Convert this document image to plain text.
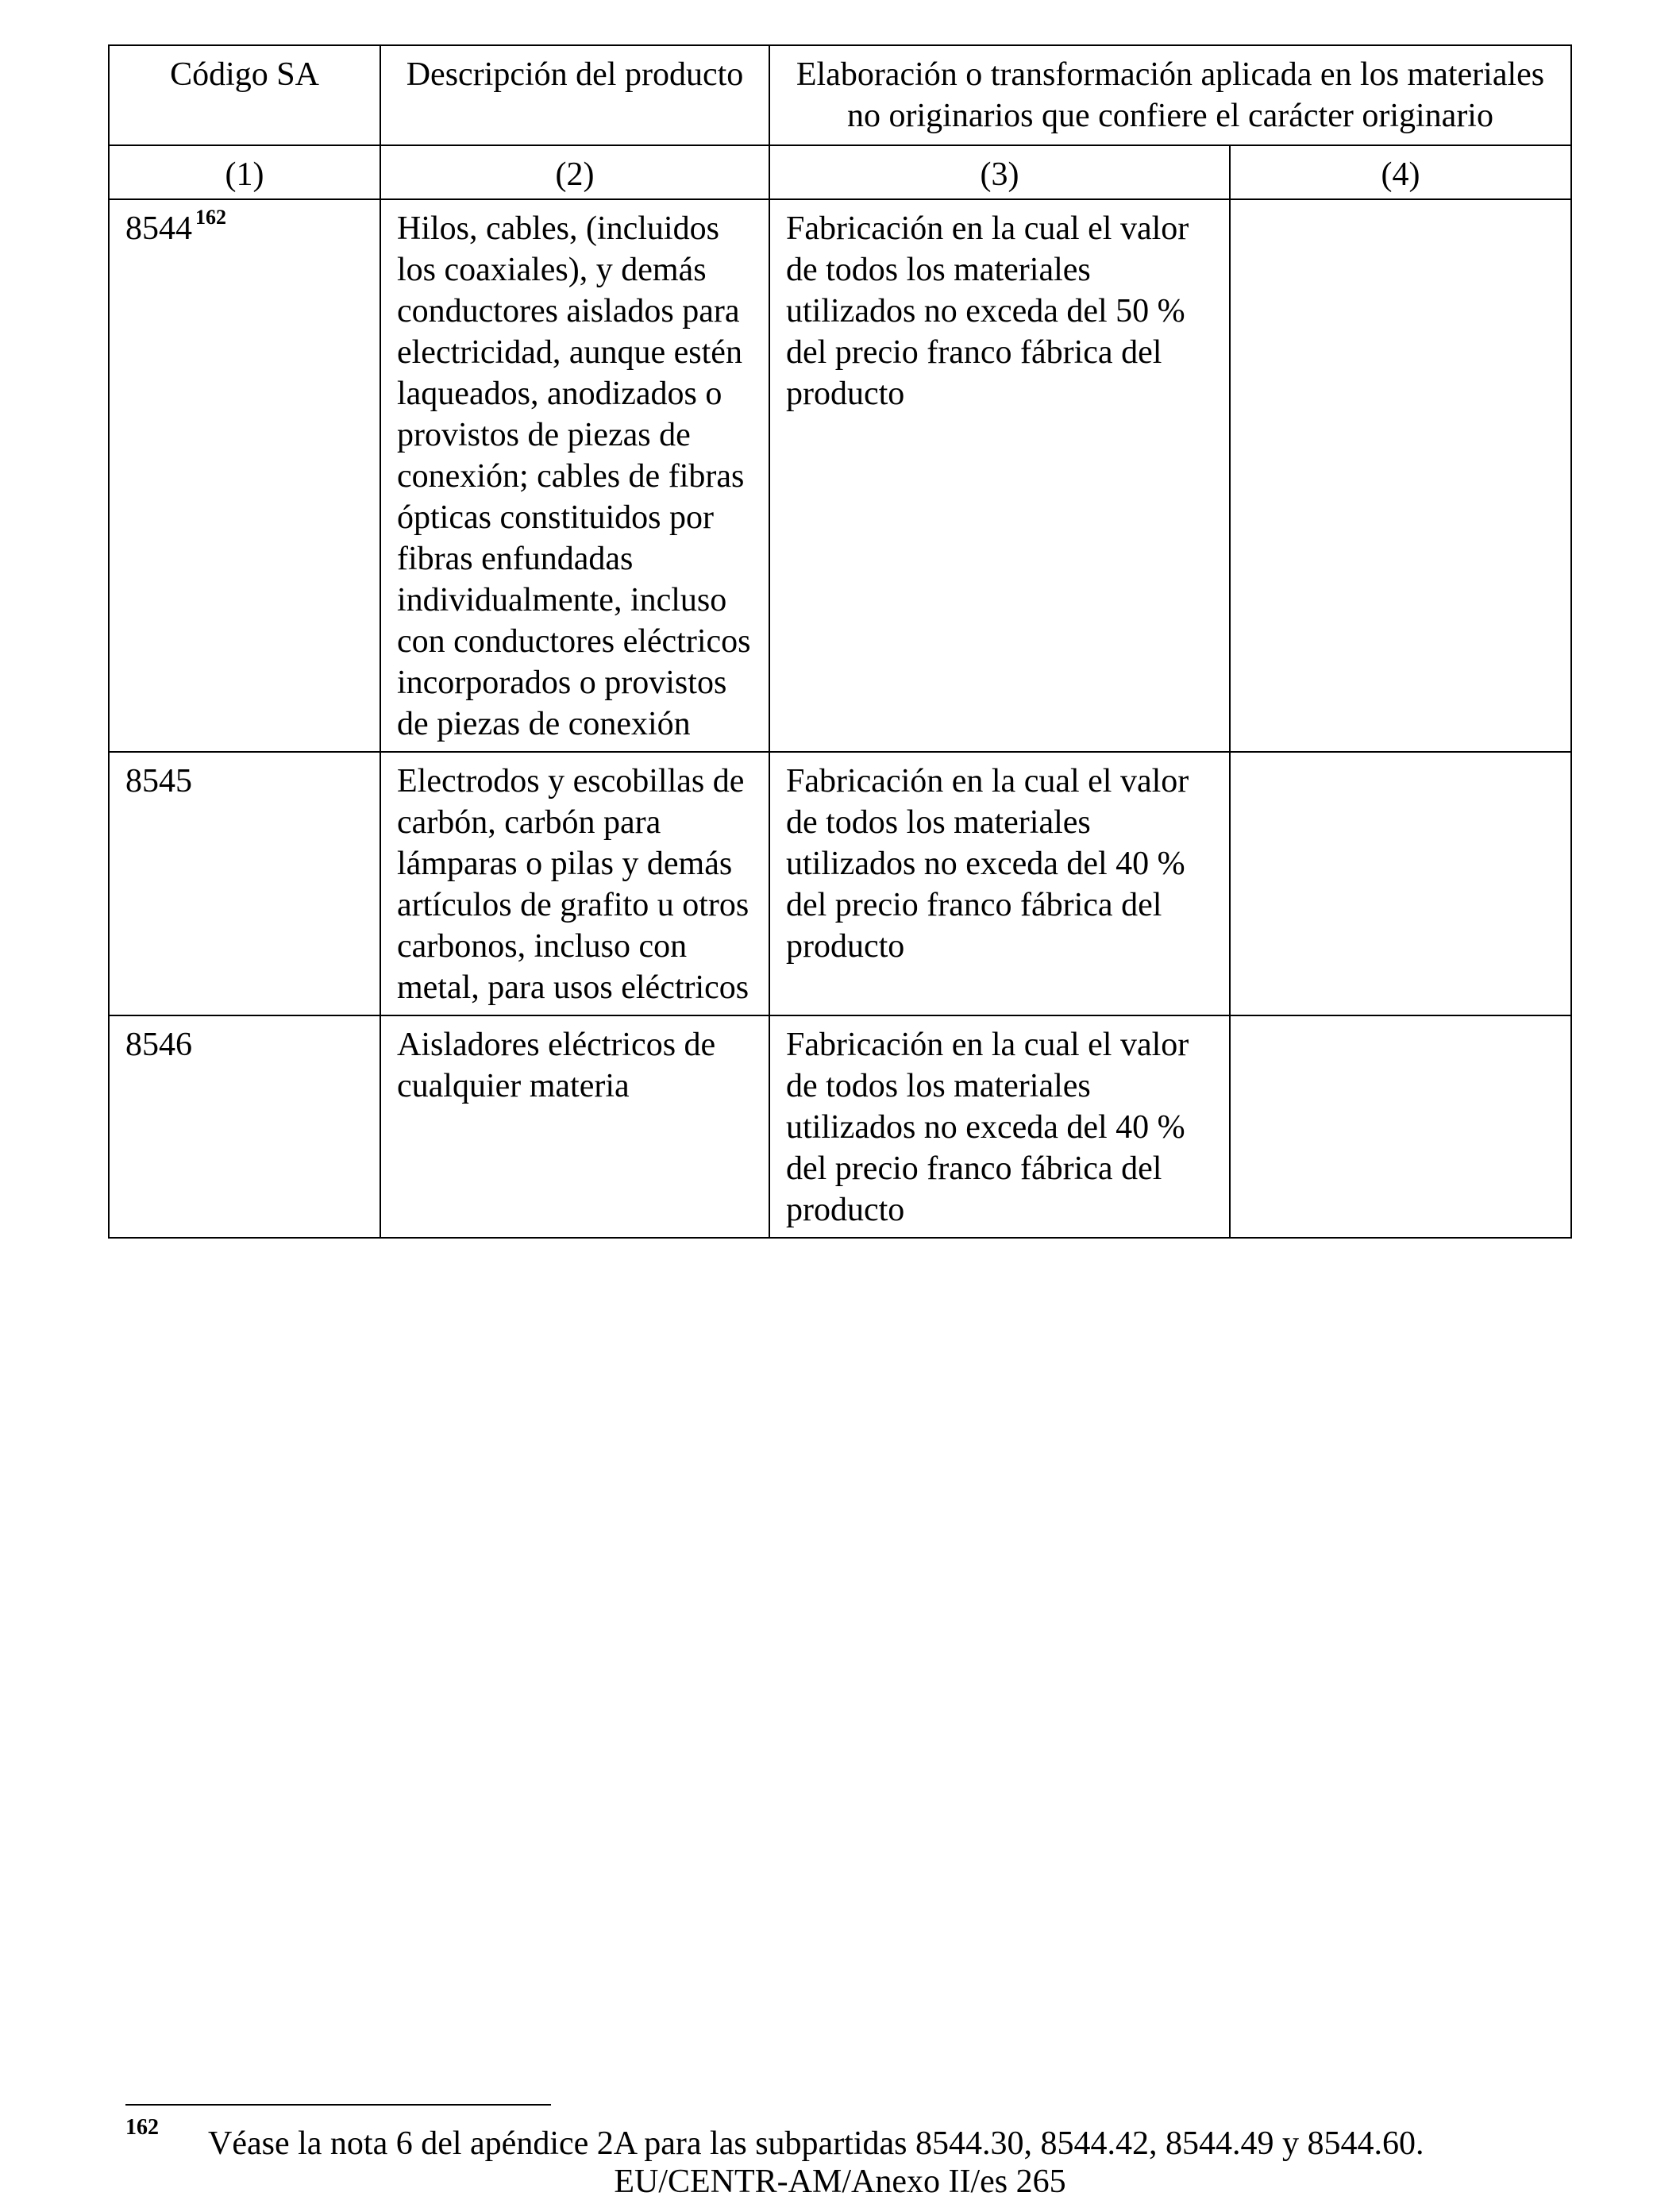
Código SA	Descripción del producto	Elaboración o transformación aplicada en los materiales no originarios que confiere el carácter originario	
(1)	(2)	(3)	(4)
8544 $^{162}$	Hilos, cables, (incluidos los coaxiales), y demás conductores aislados para electricidad, aunque estén laqueados, anodizados o provistos de piezas de conexión; cables de fibras ópticas constituidos por fibras enfundadas individualmente, incluso con conductores eléctricos incorporados o provistos de piezas de conexión	Fabricación en la cual el valor de todos los materiales utilizados no exceda del 50 % del precio franco fábrica del producto	
8545	Electrodos y escobillas de carbón, carbón para lámparas o pilas y demás artículos de grafito u otros carbonos, incluso con metal, para usos eléctricos	Fabricación en la cual el valor de todos los materiales utilizados no exceda del 40 % del precio franco fábrica del producto	
8546	Aisladores eléctricos de cualquier materia	Fabricación en la cual el valor de todos los materiales utilizados no exceda del 40 % del precio franco fábrica del producto	
162 Véase la nota 6 del apéndice 2A para las subpartidas 8544.30, 8544.42, 8544.49 y 8544.60.
EU/CENTR-AM/Anexo II/es 265
